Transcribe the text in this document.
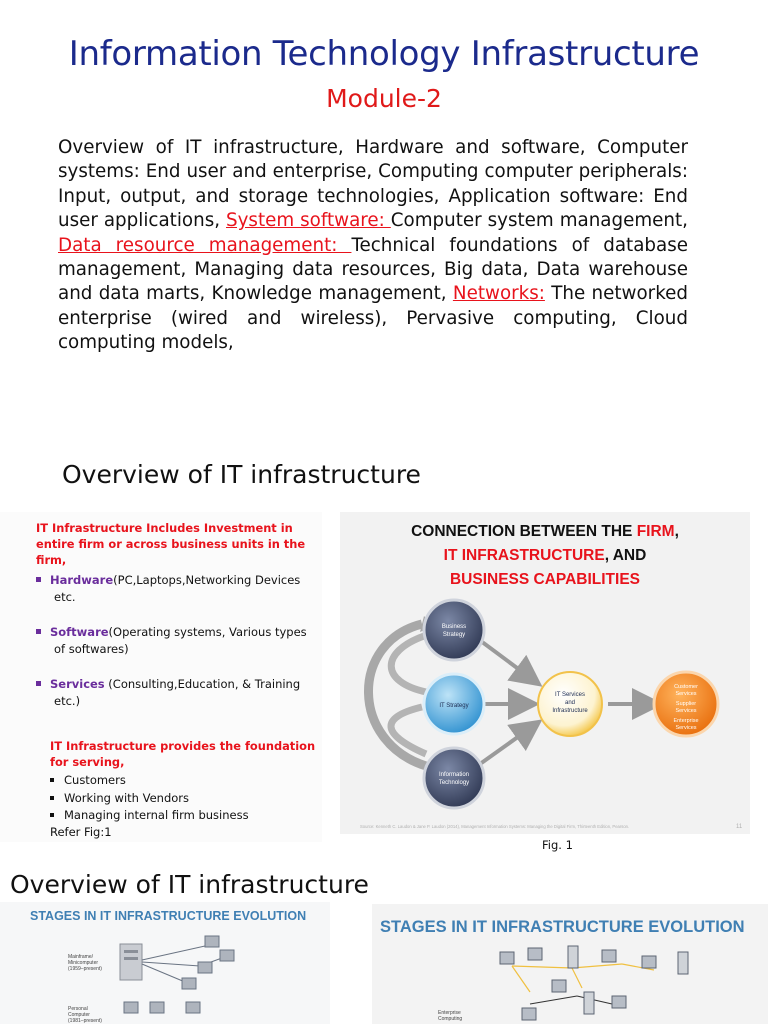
Information Technology Infrastructure
Module-2
Overview of IT infrastructure, Hardware and software, Computer systems: End user and enterprise, Computing computer peripherals: Input, output, and storage technologies, Application software: End user applications, System software: Computer system management, Data resource management: Technical foundations of database management, Managing data resources, Big data, Data warehouse and data marts, Knowledge management, Networks: The networked enterprise (wired and wireless), Pervasive computing, Cloud computing models,
Overview of IT infrastructure
IT Infrastructure Includes Investment in entire firm or across business units in the firm,
Hardware(PC,Laptops,Networking Devices
etc.
Software(Operating systems, Various types
of softwares)
Services (Consulting,Education, & Training
etc.)
IT Infrastructure provides the foundation for serving,
Customers
Working with Vendors
Managing internal firm business
Refer Fig:1
CONNECTION BETWEEN THE FIRM,
IT INFRASTRUCTURE, AND
BUSINESS CAPABILITIES
Business
Strategy
IT Strategy
Information
Technology
IT Services
and
Infrastructure
Customer
Services
Supplier
Services
Enterprise
Services
Source: Kenneth C. Laudon & Jane P. Laudon (2014), Management Information Systems: Managing the Digital Firm, Thirteenth Edition, Pearson.	11
Fig. 1
Overview of IT infrastructure
STAGES IN IT INFRASTRUCTURE EVOLUTION
Mainframe/
Minicomputer
(1959–present)
Personal
Computer
(1981–present)
STAGES IN IT INFRASTRUCTURE EVOLUTION
Enterprise
Computing
